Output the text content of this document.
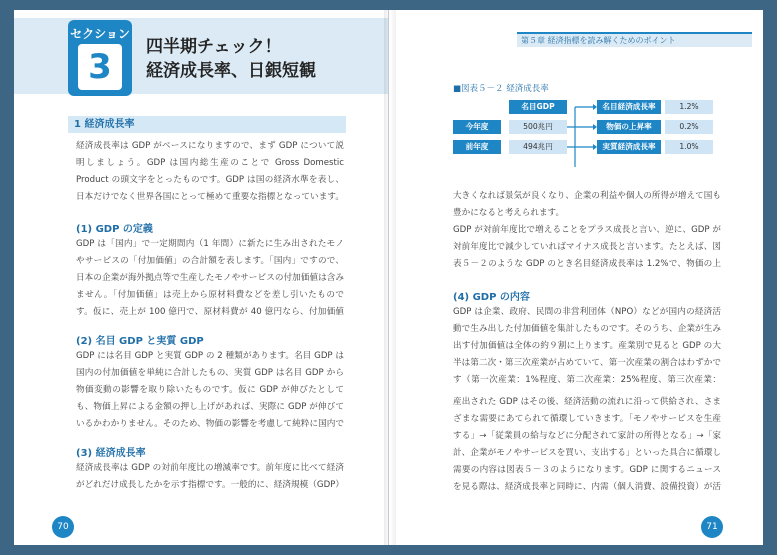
セクション
3	四半期チェック！
経済成長率、日銀短観
1 経済成長率
経済成長率は GDP がベースになりますので、まず GDP について説明しましょう。GDP は国内総生産のことで Gross Domestic Product の頭文字をとったものです。GDP は国の経済水準を表し、日本だけでなく世界各国にとって極めて重要な指標となっています。
(1) GDP の定義
GDP は「国内」で一定期間内（1 年間）に新たに生み出されたモノやサービスの「付加価値」の合計額を表します。「国内」ですので、日本の企業が海外拠点等で生産したモノやサービスの付加価値は含みません。「付加価値」は売上から原材料費などを差し引いたものです。仮に、売上が 100 億円で、原材料費が 40 億円なら、付加価値
(2) 名目 GDP と実質 GDP
GDP には名目 GDP と実質 GDP の 2 種類があります。名目 GDP は国内の付加価値を単純に合計したもの、実質 GDP は名目 GDP から物価変動の影響を取り除いたものです。仮に GDP が伸びたとしても、物価上昇による金額の押し上げがあれば、実際に GDP が伸びているかわかりません。そのため、物価の影響を考慮して純粋に国内で
(3) 経済成長率
経済成長率は GDP の対前年度比の増減率です。前年度に比べて経済がどれだけ成長したかを示す指標です。一般的に、経済規模（GDP）
70
第５章 経済指標を読み解くためのポイント
■図表５－２ 経済成長率
名目GDP
今年度	500兆円
前年度	494兆円
名目経済成長率	1.2%
物価の上昇率	0.2%
実質経済成長率	1.0%
大きくなれば景気が良くなり、企業の利益や個人の所得が増えて国も豊かになると考えられます。
GDP が対前年度比で増えることをプラス成長と言い、逆に、GDP が対前年度比で減少していればマイナス成長と言います。たとえば、図表５－２のような GDP のとき名目経済成長率は 1.2%で、物価の上
(4) GDP の内容
GDP は企業、政府、民間の非営利団体（NPO）などが国内の経済活動で生み出した付加価値を集計したものです。そのうち、企業が生み出す付加価値は全体の約９割に上ります。産業別で見ると GDP の大半は第二次・第三次産業が占めていて、第一次産業の割合はわずかです（第一次産業：1%程度、第二次産業：25%程度、第三次産業：
産出された GDP はその後、経済活動の流れに沿って供給され、さまざまな需要にあてられて循環していきます。「モノやサービスを生産する」→「従業員の給与などに分配されて家計の所得となる」→「家計、企業がモノやサービスを買い、支出する」といった具合に循環し
需要の内容は図表５－３のようになります。GDP に関するニュースを見る際は、経済成長率と同時に、内需（個人消費、設備投資）が活
71
